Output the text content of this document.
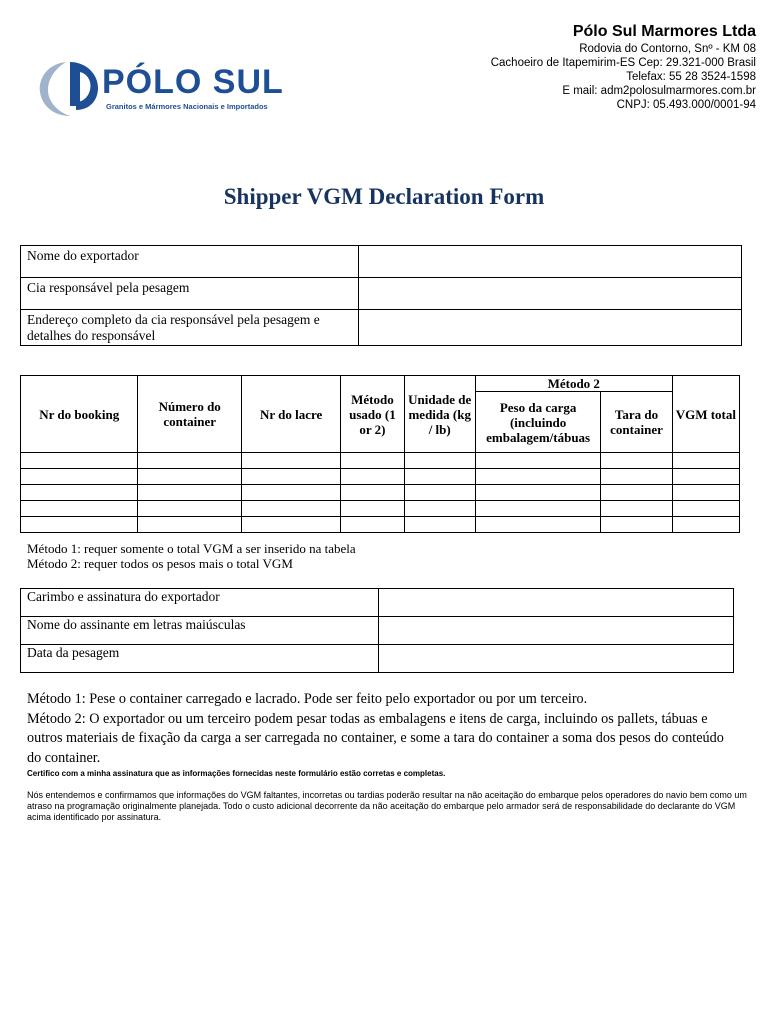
Pólo Sul Marmores Ltda
Rodovia do Contorno, Snº - KM 08
Cachoeiro de Itapemirim-ES Cep: 29.321-000 Brasil
Telefax: 55 28 3524-1598
E mail: adm2polosulmarmores.com.br
CNPJ: 05.493.000/0001-94
PÓLO SUL
Granitos e Mármores Nacionais e Importados
Shipper VGM Declaration Form
Nome do exportador	
Cia responsável pela pesagem	
Endereço completo da cia responsável pela pesagem e detalhes do responsável	
Nr do booking	Número do container	Nr do lacre	Método usado (1 or 2)	Unidade de medida (kg / lb)	Método 2		VGM total
					Peso da carga (incluindo embalagem/tábuas	Tara do container	

Método 1: requer somente o total VGM a ser inserido na tabela
Método 2: requer todos os pesos mais o total VGM
Carimbo e assinatura do exportador	
Nome do assinante em letras maiúsculas	
Data da pesagem	
Método 1: Pese o container carregado e lacrado. Pode ser feito pelo exportador ou por um terceiro.
Método 2: O exportador ou um terceiro podem pesar todas as embalagens e itens de carga, incluindo os pallets, tábuas e outros materiais de fixação da carga a ser carregada no container, e some a tara do container a soma dos pesos do conteúdo do container.
Certifico com a minha assinatura que as informações fornecidas neste formulário estão corretas e completas.
Nós entendemos e confirmamos que informações do VGM faltantes, incorretas ou tardias poderão resultar na não aceitação do embarque pelos operadores do navio bem como um atraso na programação originalmente planejada. Todo o custo adicional decorrente da não aceitação do embarque pelo armador será de responsabilidade do declarante do VGM acima identificado por assinatura.
